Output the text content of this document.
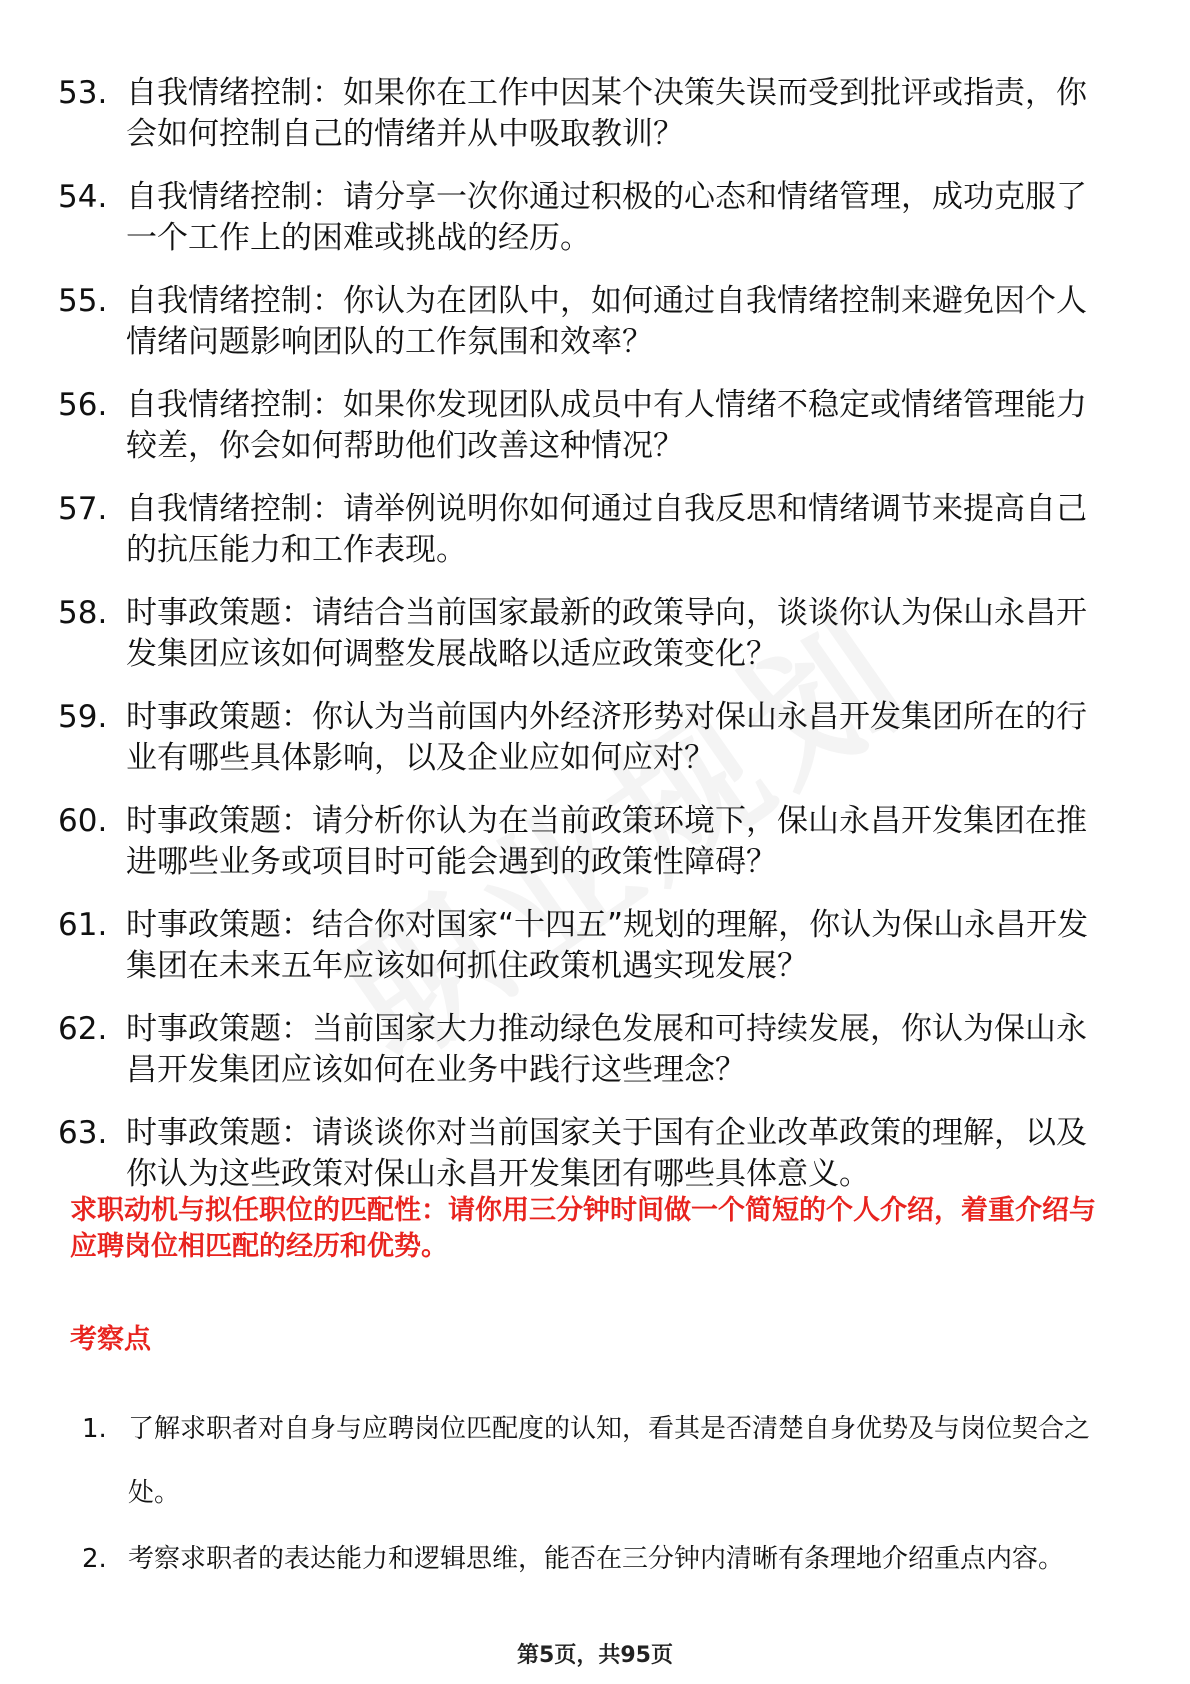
53. 自我情绪控制：如果你在工作中因某个决策失误而受到批评或指责，你会如何控制自己的情绪并从中吸取教训？
54. 自我情绪控制：请分享一次你通过积极的心态和情绪管理，成功克服了一个工作上的困难或挑战的经历。
55. 自我情绪控制：你认为在团队中，如何通过自我情绪控制来避免因个人情绪问题影响团队的工作氛围和效率？
56. 自我情绪控制：如果你发现团队成员中有人情绪不稳定或情绪管理能力较差，你会如何帮助他们改善这种情况？
57. 自我情绪控制：请举例说明你如何通过自我反思和情绪调节来提高自己的抗压能力和工作表现。
58. 时事政策题：请结合当前国家最新的政策导向，谈谈你认为保山永昌开发集团应该如何调整发展战略以适应政策变化？
59. 时事政策题：你认为当前国内外经济形势对保山永昌开发集团所在的行业有哪些具体影响，以及企业应如何应对？
60. 时事政策题：请分析你认为在当前政策环境下，保山永昌开发集团在推进哪些业务或项目时可能会遇到的政策性障碍？
61. 时事政策题：结合你对国家“十四五”规划的理解，你认为保山永昌开发集团在未来五年应该如何抓住政策机遇实现发展？
62. 时事政策题：当前国家大力推动绿色发展和可持续发展，你认为保山永昌开发集团应该如何在业务中践行这些理念？
63. 时事政策题：请谈谈你对当前国家关于国有企业改革政策的理解，以及你认为这些政策对保山永昌开发集团有哪些具体意义。
求职动机与拟任职位的匹配性：请你用三分钟时间做一个简短的个人介绍，着重介绍与应聘岗位相匹配的经历和优势。
考察点
1. 了解求职者对自身与应聘岗位匹配度的认知，看其是否清楚自身优势及与岗位契合之处。
2. 考察求职者的表达能力和逻辑思维，能否在三分钟内清晰有条理地介绍重点内容。
第5页，共95页
